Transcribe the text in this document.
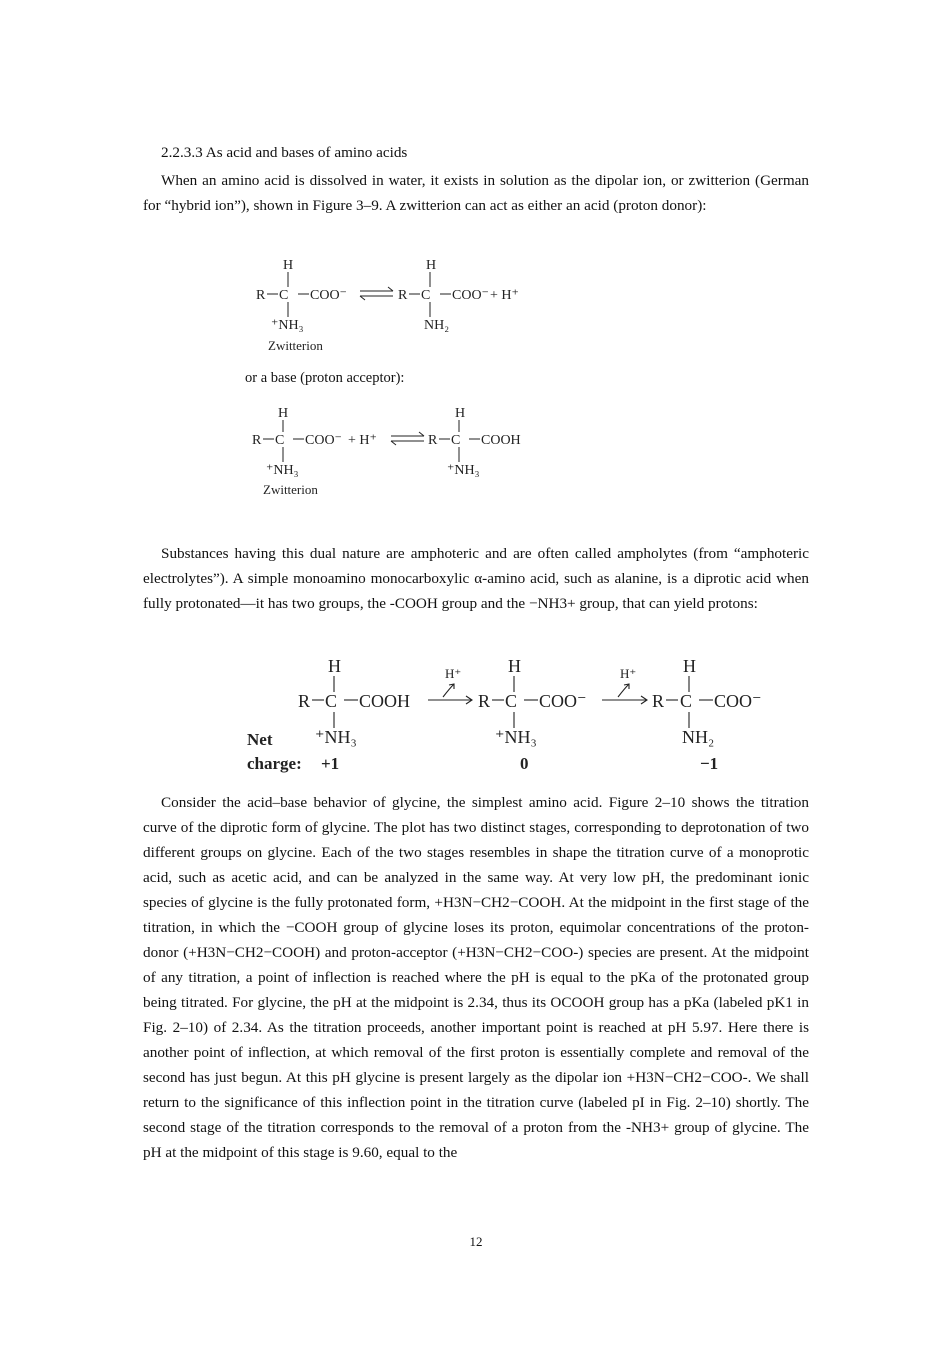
2.2.3.3 As acid and bases of amino acids
When an amino acid is dissolved in water, it exists in solution as the dipolar ion, or zwitterion (German for “hybrid ion”), shown in Figure 3–9. A zwitterion can act as either an acid (proton donor):
H
R C COO⁻
⁺NH₃
Zwitterion
H
R C COO⁻ + H⁺
NH₂
or a base (proton acceptor):
H
R C COO⁻ + H⁺
⁺NH₃
Zwitterion
H
R C COOH
⁺NH₃
Substances having this dual nature are amphoteric and are often called ampholytes (from “amphoteric electrolytes”). A simple monoamino monocarboxylic α-amino acid, such as alanine, is a diprotic acid when fully protonated—it has two groups, the -COOH group and the −NH3+ group, that can yield protons:
H
R C COOH
⁺NH₃
H
R C COO⁻
⁺NH₃
H
R C COO⁻
NH₂
H⁺	H⁺
Net
charge: +1	0	−1
Consider the acid–base behavior of glycine, the simplest amino acid. Figure 2–10 shows the titration curve of the diprotic form of glycine. The plot has two distinct stages, corresponding to deprotonation of two different groups on glycine. Each of the two stages resembles in shape the titration curve of a monoprotic acid, such as acetic acid, and can be analyzed in the same way. At very low pH, the predominant ionic species of glycine is the fully protonated form, +H3N−CH2−COOH. At the midpoint in the first stage of the titration, in which the −COOH group of glycine loses its proton, equimolar concentrations of the proton-donor (+H3N−CH2−COOH) and proton-acceptor (+H3N−CH2−COO-) species are present. At the midpoint of any titration, a point of inflection is reached where the pH is equal to the pKa of the protonated group being titrated. For glycine, the pH at the midpoint is 2.34, thus its OCOOH group has a pKa (labeled pK1 in Fig. 2–10) of 2.34. As the titration proceeds, another important point is reached at pH 5.97. Here there is another point of inflection, at which removal of the first proton is essentially complete and removal of the second has just begun. At this pH glycine is present largely as the dipolar ion +H3N−CH2−COO-. We shall return to the significance of this inflection point in the titration curve (labeled pI in Fig. 2–10) shortly. The second stage of the titration corresponds to the removal of a proton from the -NH3+ group of glycine. The pH at the midpoint of this stage is 9.60, equal to the
12
